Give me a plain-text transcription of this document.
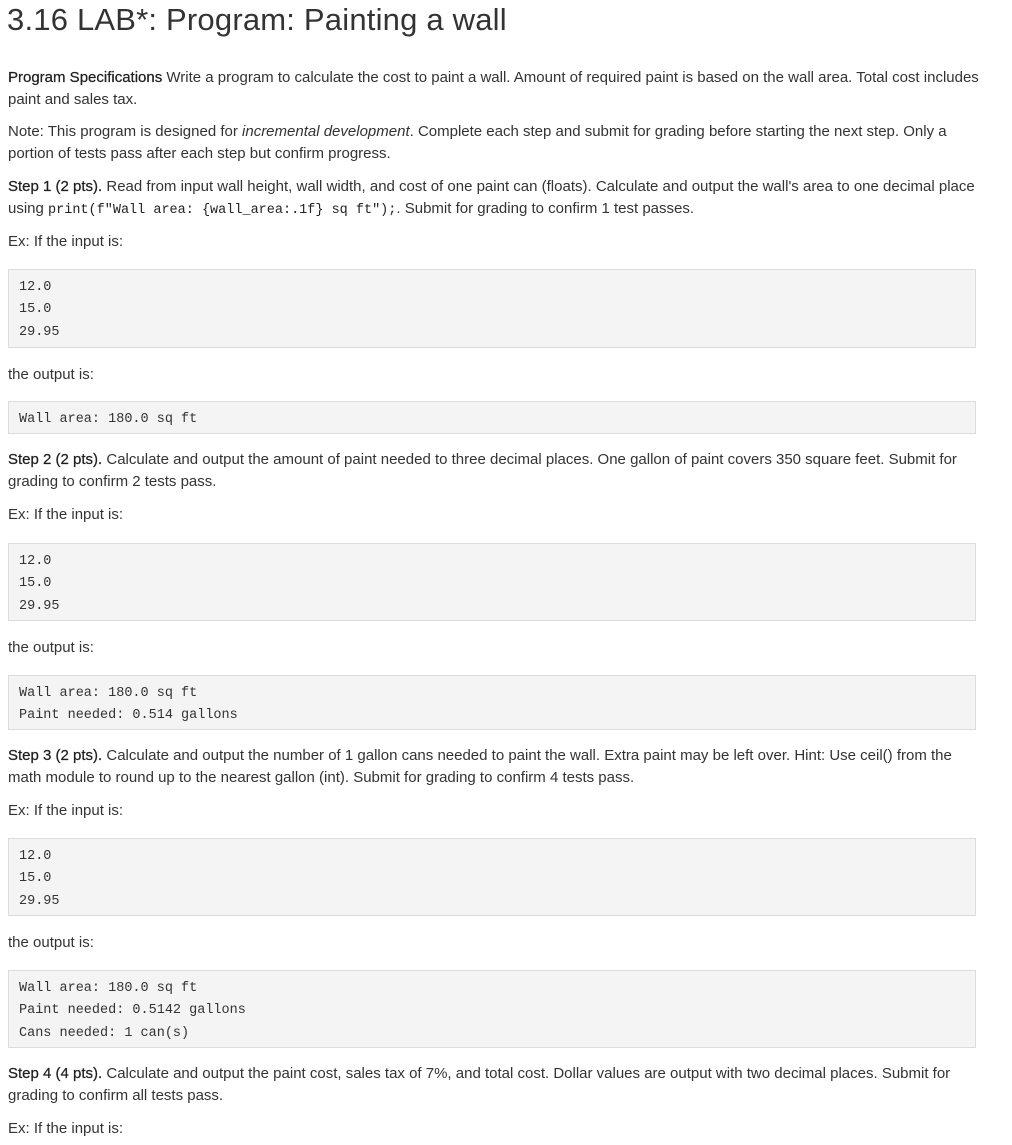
3.16 LAB*: Program: Painting a wall

Program Specifications Write a program to calculate the cost to paint a wall. Amount of required paint is based on the wall area. Total cost includes paint and sales tax.

Note: This program is designed for incremental development. Complete each step and submit for grading before starting the next step. Only a portion of tests pass after each step but confirm progress.

Step 1 (2 pts). Read from input wall height, wall width, and cost of one paint can (floats). Calculate and output the wall's area to one decimal place using print(f"Wall area: {wall_area:.1f} sq ft");. Submit for grading to confirm 1 test passes.

Ex: If the input is:

12.0
15.0
29.95

the output is:

Wall area: 180.0 sq ft

Step 2 (2 pts). Calculate and output the amount of paint needed to three decimal places. One gallon of paint covers 350 square feet. Submit for grading to confirm 2 tests pass.

Ex: If the input is:

12.0
15.0
29.95

the output is:

Wall area: 180.0 sq ft
Paint needed: 0.514 gallons

Step 3 (2 pts). Calculate and output the number of 1 gallon cans needed to paint the wall. Extra paint may be left over. Hint: Use ceil() from the math module to round up to the nearest gallon (int). Submit for grading to confirm 4 tests pass.

Ex: If the input is:

12.0
15.0
29.95

the output is:

Wall area: 180.0 sq ft
Paint needed: 0.5142 gallons
Cans needed: 1 can(s)

Step 4 (4 pts). Calculate and output the paint cost, sales tax of 7%, and total cost. Dollar values are output with two decimal places. Submit for grading to confirm all tests pass.

Ex: If the input is:
